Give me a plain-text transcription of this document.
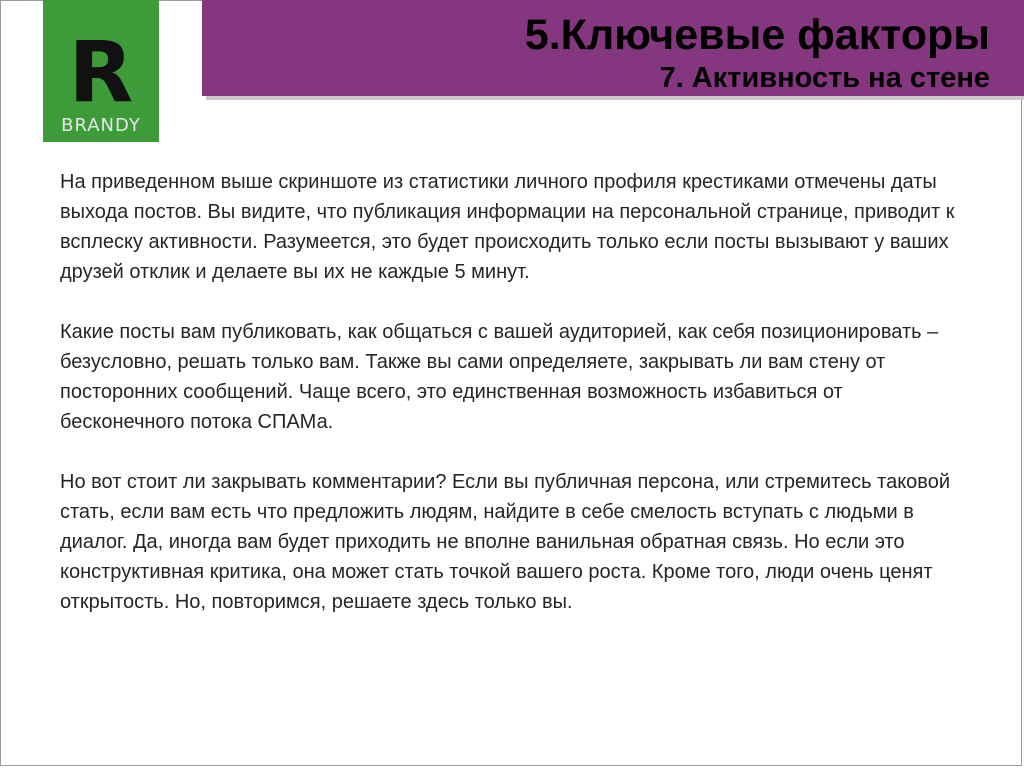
5.Ключевые факторы
7. Активность на стене
R
BRANDY

На приведенном выше скриншоте из статистики личного профиля крестиками отмечены даты выхода постов. Вы видите, что публикация информации на персональной странице, приводит к всплеску активности. Разумеется, это будет происходить только если посты вызывают у ваших друзей отклик и делаете вы их не каждые 5 минут.

Какие посты вам публиковать, как общаться с вашей аудиторией, как себя позиционировать – безусловно, решать только вам. Также вы сами определяете, закрывать ли вам стену от посторонних сообщений. Чаще всего, это единственная возможность избавиться от бесконечного потока СПАМа.

Но вот стоит ли закрывать комментарии? Если вы публичная персона, или стремитесь таковой стать, если вам есть что предложить людям, найдите в себе смелость вступать с людьми в диалог. Да, иногда вам будет приходить не вполне ванильная обратная связь. Но если это конструктивная критика, она может стать точкой вашего роста. Кроме того, люди очень ценят открытость. Но, повторимся, решаете здесь только вы.
